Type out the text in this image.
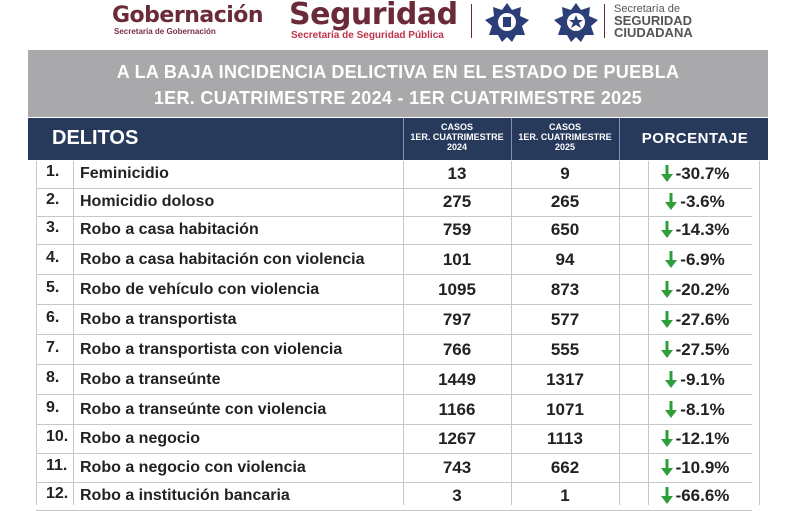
Gobernación
Secretaría de Gobernación Seguridad
Secretaría de Seguridad Pública
Secretaría de
SEGURIDAD
CIUDADANA
A LA BAJA INCIDENCIA DELICTIVA EN EL ESTADO DE PUEBLA
1ER. CUATRIMESTRE 2024 - 1ER CUATRIMESTRE 2025
DELITOS	CASOS
1ER. CUATRIMESTRE
2024
CASOS
1ER. CUATRIMESTRE
2025	PORCENTAJE
1. Feminicidio	13	9	-30.7%
2. Homicidio doloso	275	265	-3.6%
3. Robo a casa habitación	759	650	-14.3%
4. Robo a casa habitación con violencia	101	94	-6.9%
5. Robo de vehículo con violencia	1095	873	-20.2%
6. Robo a transportista	797	577	-27.6%
7. Robo a transportista con violencia	766	555	-27.5%
8. Robo a transeúnte	1449	1317	-9.1%
9. Robo a transeúnte con violencia	1166	1071	-8.1%
10. Robo a negocio	1267	1113	-12.1%
11. Robo a negocio con violencia	743	662	-10.9%
12. Robo a institución bancaria	3	1	-66.6%
